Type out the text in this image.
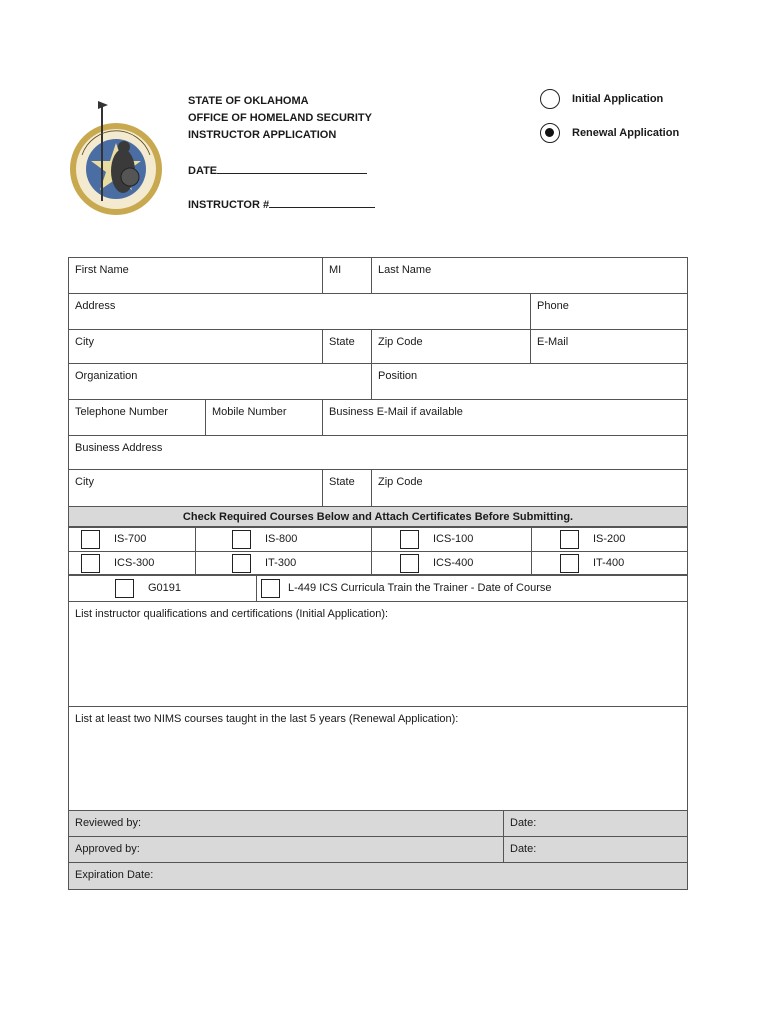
STATE OF OKLAHOMA
OFFICE OF HOMELAND SECURITY
INSTRUCTOR APPLICATION
DATE
INSTRUCTOR #
Initial Application
Renewal Application
First Name		MI	Last Name	

Address				Phone

City		State	Zip Code	E-Mail

Organization			Position	

Telephone Number	Mobile Number	Business E-Mail if available		

Business Address				

City		State	Zip Code	

Check Required Courses Below and Attach Certificates Before Submitting.				
IS-700	IS-800	ICS-100	IS-200

ICS-300	IT-300	ICS-400	IT-400
G0191	L-449 ICS Curricula Train the Trainer - Date of Course
List instructor qualifications and certifications (Initial Application):	

List at least two NIMS courses taught in the last 5 years (Renewal Application):	

Reviewed by:	Date:

Approved by:	Date:

Expiration Date:	
